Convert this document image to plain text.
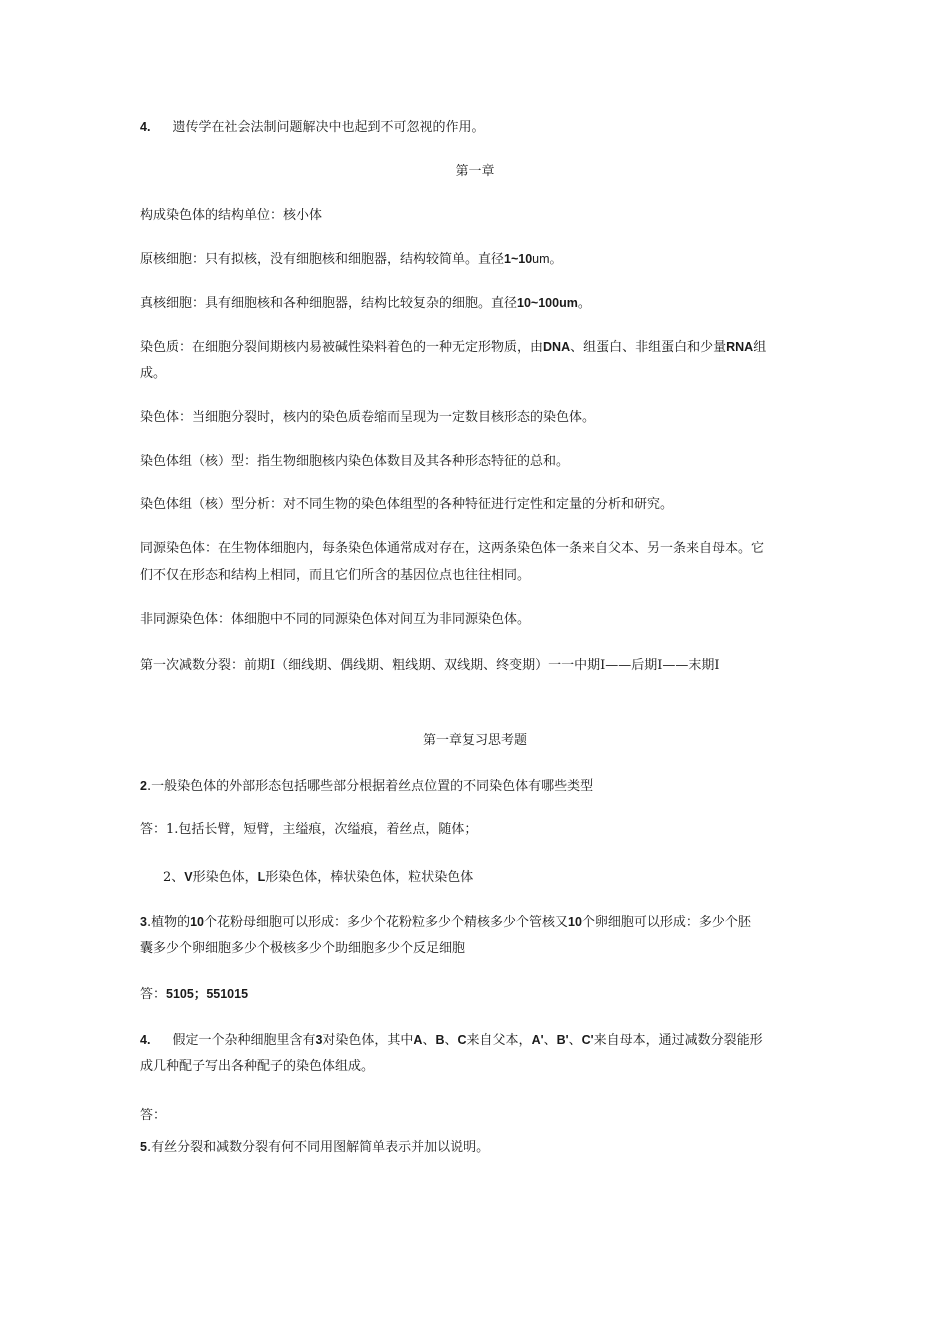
4. 遗传学在社会法制问题解决中也起到不可忽视的作用。
第一章
构成染色体的结构单位：核小体
原核细胞：只有拟核，没有细胞核和细胞器，结构较简单。直径1~10um。
真核细胞：具有细胞核和各种细胞器，结构比较复杂的细胞。直径10~100um。
染色质：在细胞分裂间期核内易被碱性染料着色的一种无定形物质，由DNA、组蛋白、非组蛋白和少量RNA组
成。
染色体：当细胞分裂时，核内的染色质卷缩而呈现为一定数目核形态的染色体。
染色体组（核）型：指生物细胞核内染色体数目及其各种形态特征的总和。
染色体组（核）型分析：对不同生物的染色体组型的各种特征进行定性和定量的分析和研究。
同源染色体：在生物体细胞内，每条染色体通常成对存在，这两条染色体一条来自父本、另一条来自母本。它
们不仅在形态和结构上相同，而且它们所含的基因位点也往往相同。
非同源染色体：体细胞中不同的同源染色体对间互为非同源染色体。
第一次减数分裂：前期Ⅰ（细线期、偶线期、粗线期、双线期、终变期）一一中期Ⅰ——后期Ⅰ——末期Ⅰ
第一章复习思考题
2.一般染色体的外部形态包括哪些部分根据着丝点位置的不同染色体有哪些类型
答：1.包括长臂，短臂，主缢痕，次缢痕，着丝点，随体；
2、V形染色体，L形染色体，棒状染色体，粒状染色体
3.植物的10个花粉母细胞可以形成：多少个花粉粒多少个精核多少个管核又10个卵细胞可以形成：多少个胚
囊多少个卵细胞多少个极核多少个助细胞多少个反足细胞
答：5105；551015
4. 假定一个杂种细胞里含有3对染色体，其中A、B、C来自父本，A'、B'、C'来自母本，通过减数分裂能形
成几种配子写出各种配子的染色体组成。
答：
5.有丝分裂和减数分裂有何不同用图解简单表示并加以说明。
